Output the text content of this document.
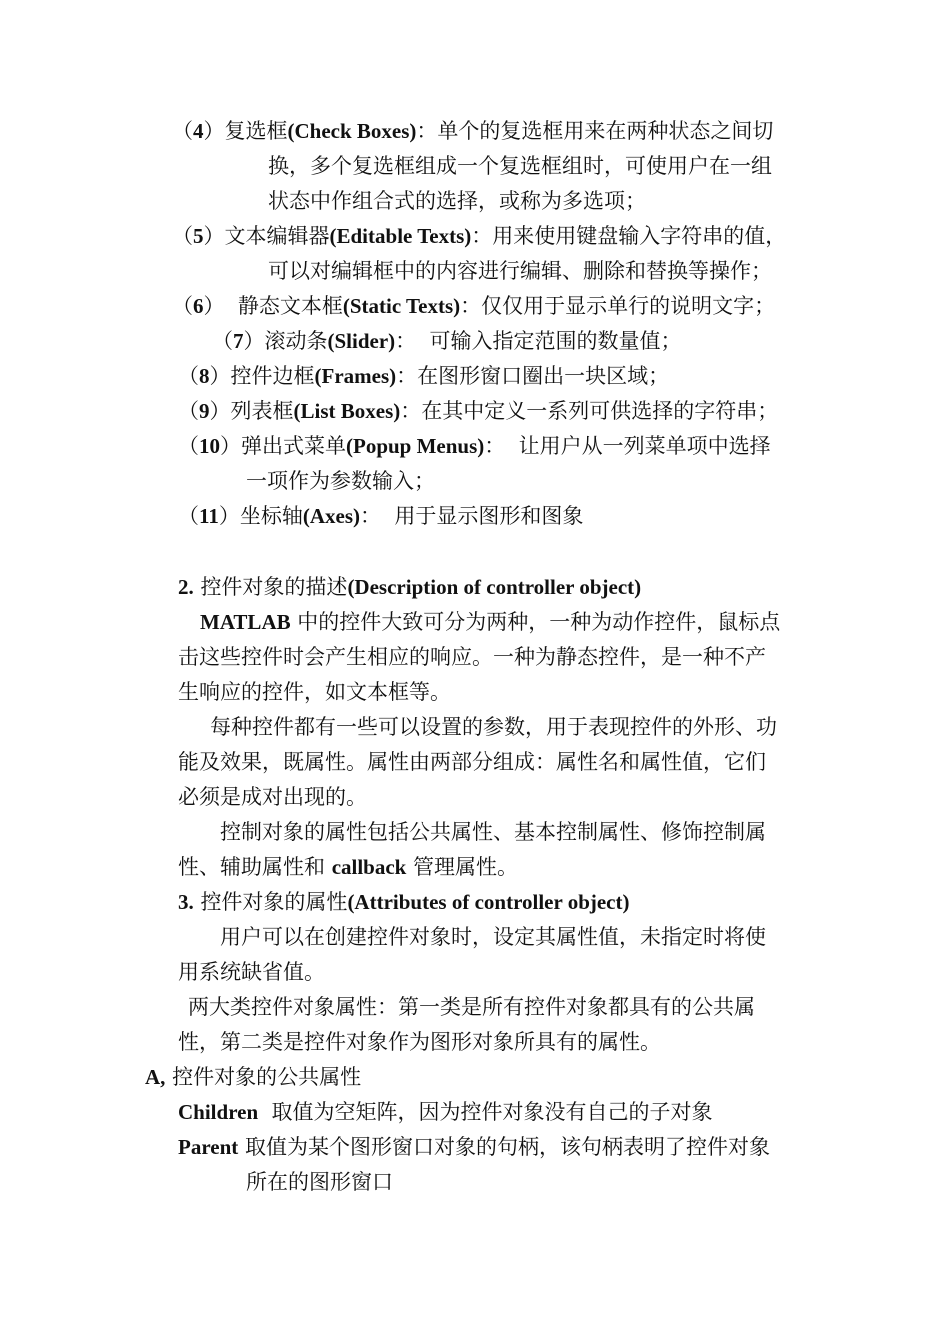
（4）复选框(Check Boxes)：单个的复选框用来在两种状态之间切
换，多个复选框组成一个复选框组时，可使用户在一组
状态中作组合式的选择，或称为多选项；
（5）文本编辑器(Editable Texts)：用来使用键盘输入字符串的值，
可以对编辑框中的内容进行编辑、删除和替换等操作；
（6） 静态文本框(Static Texts)：仅仅用于显示单行的说明文字；
（7）滚动条(Slider)：  可输入指定范围的数量值；
（8）控件边框(Frames)：在图形窗口圈出一块区域；
（9）列表框(List Boxes)：在其中定义一系列可供选择的字符串；
（10）弹出式菜单(Popup Menus)：  让用户从一列菜单项中选择
一项作为参数输入；
（11）坐标轴(Axes)：  用于显示图形和图象
2. 控件对象的描述(Description of controller object)
MATLAB 中的控件大致可分为两种，一种为动作控件，鼠标点
击这些控件时会产生相应的响应。一种为静态控件，是一种不产
生响应的控件，如文本框等。
每种控件都有一些可以设置的参数，用于表现控件的外形、功
能及效果，既属性。属性由两部分组成：属性名和属性值，它们
必须是成对出现的。
控制对象的属性包括公共属性、基本控制属性、修饰控制属
性、辅助属性和 callback 管理属性。
3. 控件对象的属性(Attributes of controller object)
用户可以在创建控件对象时，设定其属性值，未指定时将使
用系统缺省值。
两大类控件对象属性：第一类是所有控件对象都具有的公共属
性，第二类是控件对象作为图形对象所具有的属性。
A, 控件对象的公共属性
Children  取值为空矩阵，因为控件对象没有自己的子对象
Parent 取值为某个图形窗口对象的句柄，该句柄表明了控件对象
所在的图形窗口
